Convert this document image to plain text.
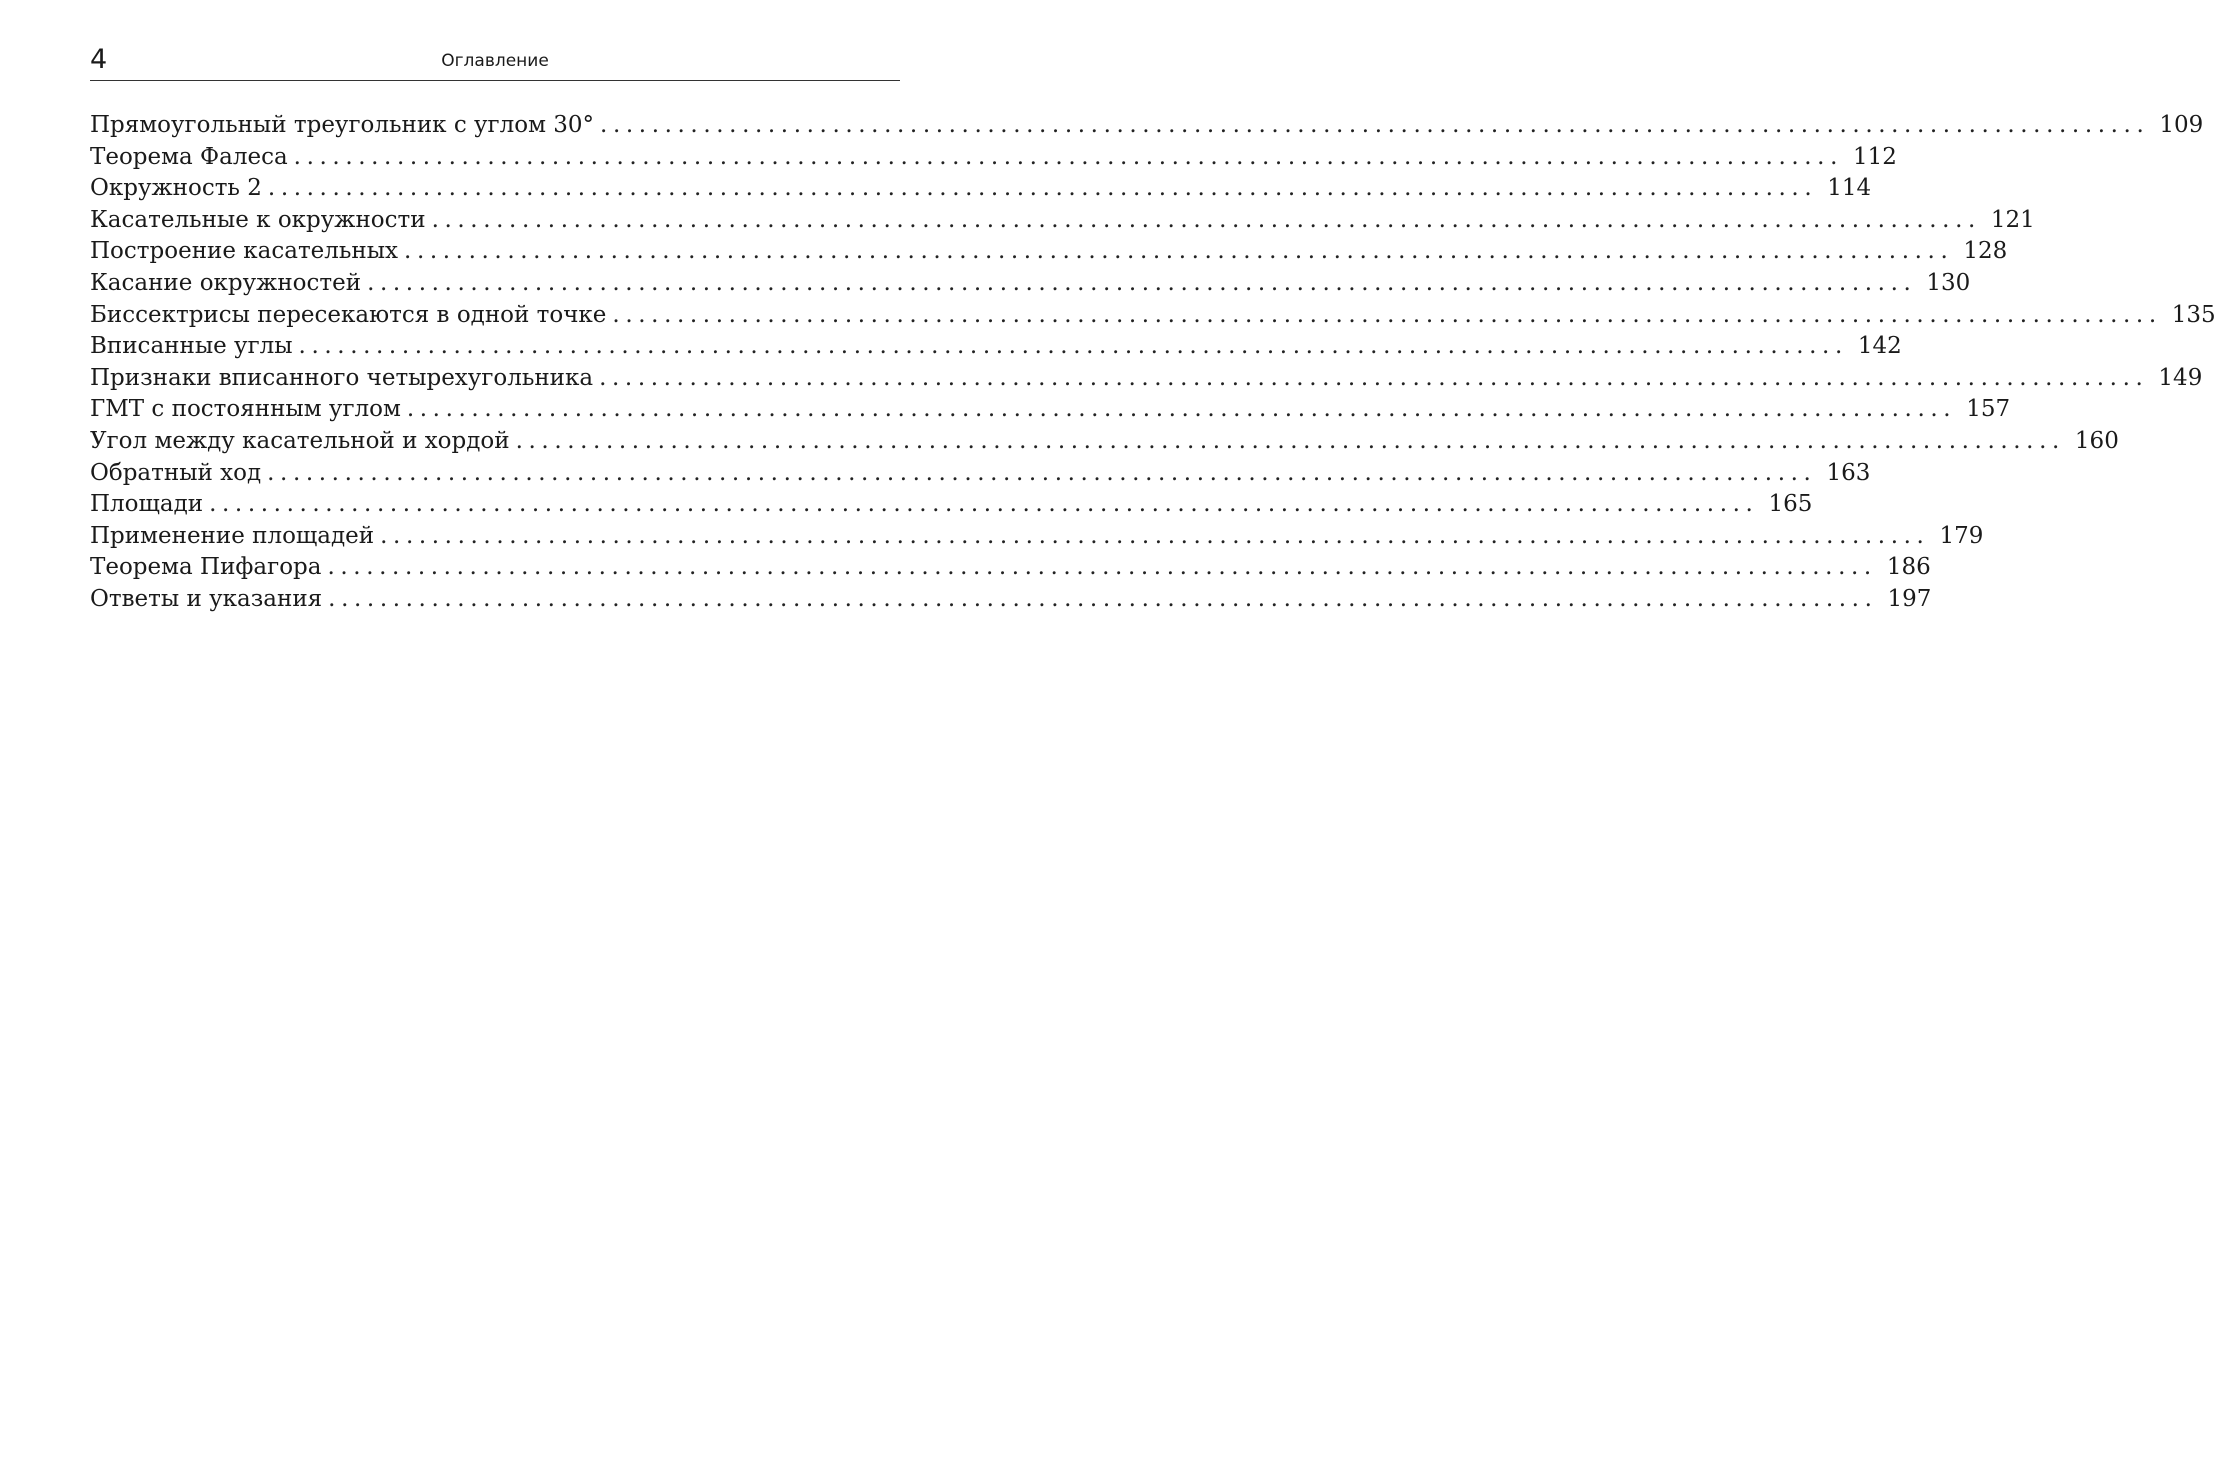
4	Оглавление
Прямоугольный треугольник с углом 30° ........................................................................................................................ 109
Теорема Фалеса ........................................................................................................................ 112
Окружность 2 ........................................................................................................................ 114
Касательные к окружности ........................................................................................................................ 121
Построение касательных ........................................................................................................................ 128
Касание окружностей ........................................................................................................................ 130
Биссектрисы пересекаются в одной точке ........................................................................................................................ 135
Вписанные углы ........................................................................................................................ 142
Признаки вписанного четырехугольника ........................................................................................................................ 149
ГМТ с постоянным углом ........................................................................................................................ 157
Угол между касательной и хордой ........................................................................................................................ 160
Обратный ход ........................................................................................................................ 163
Площади ........................................................................................................................ 165
Применение площадей ........................................................................................................................ 179
Теорема Пифагора ........................................................................................................................ 186
Ответы и указания ........................................................................................................................ 197
